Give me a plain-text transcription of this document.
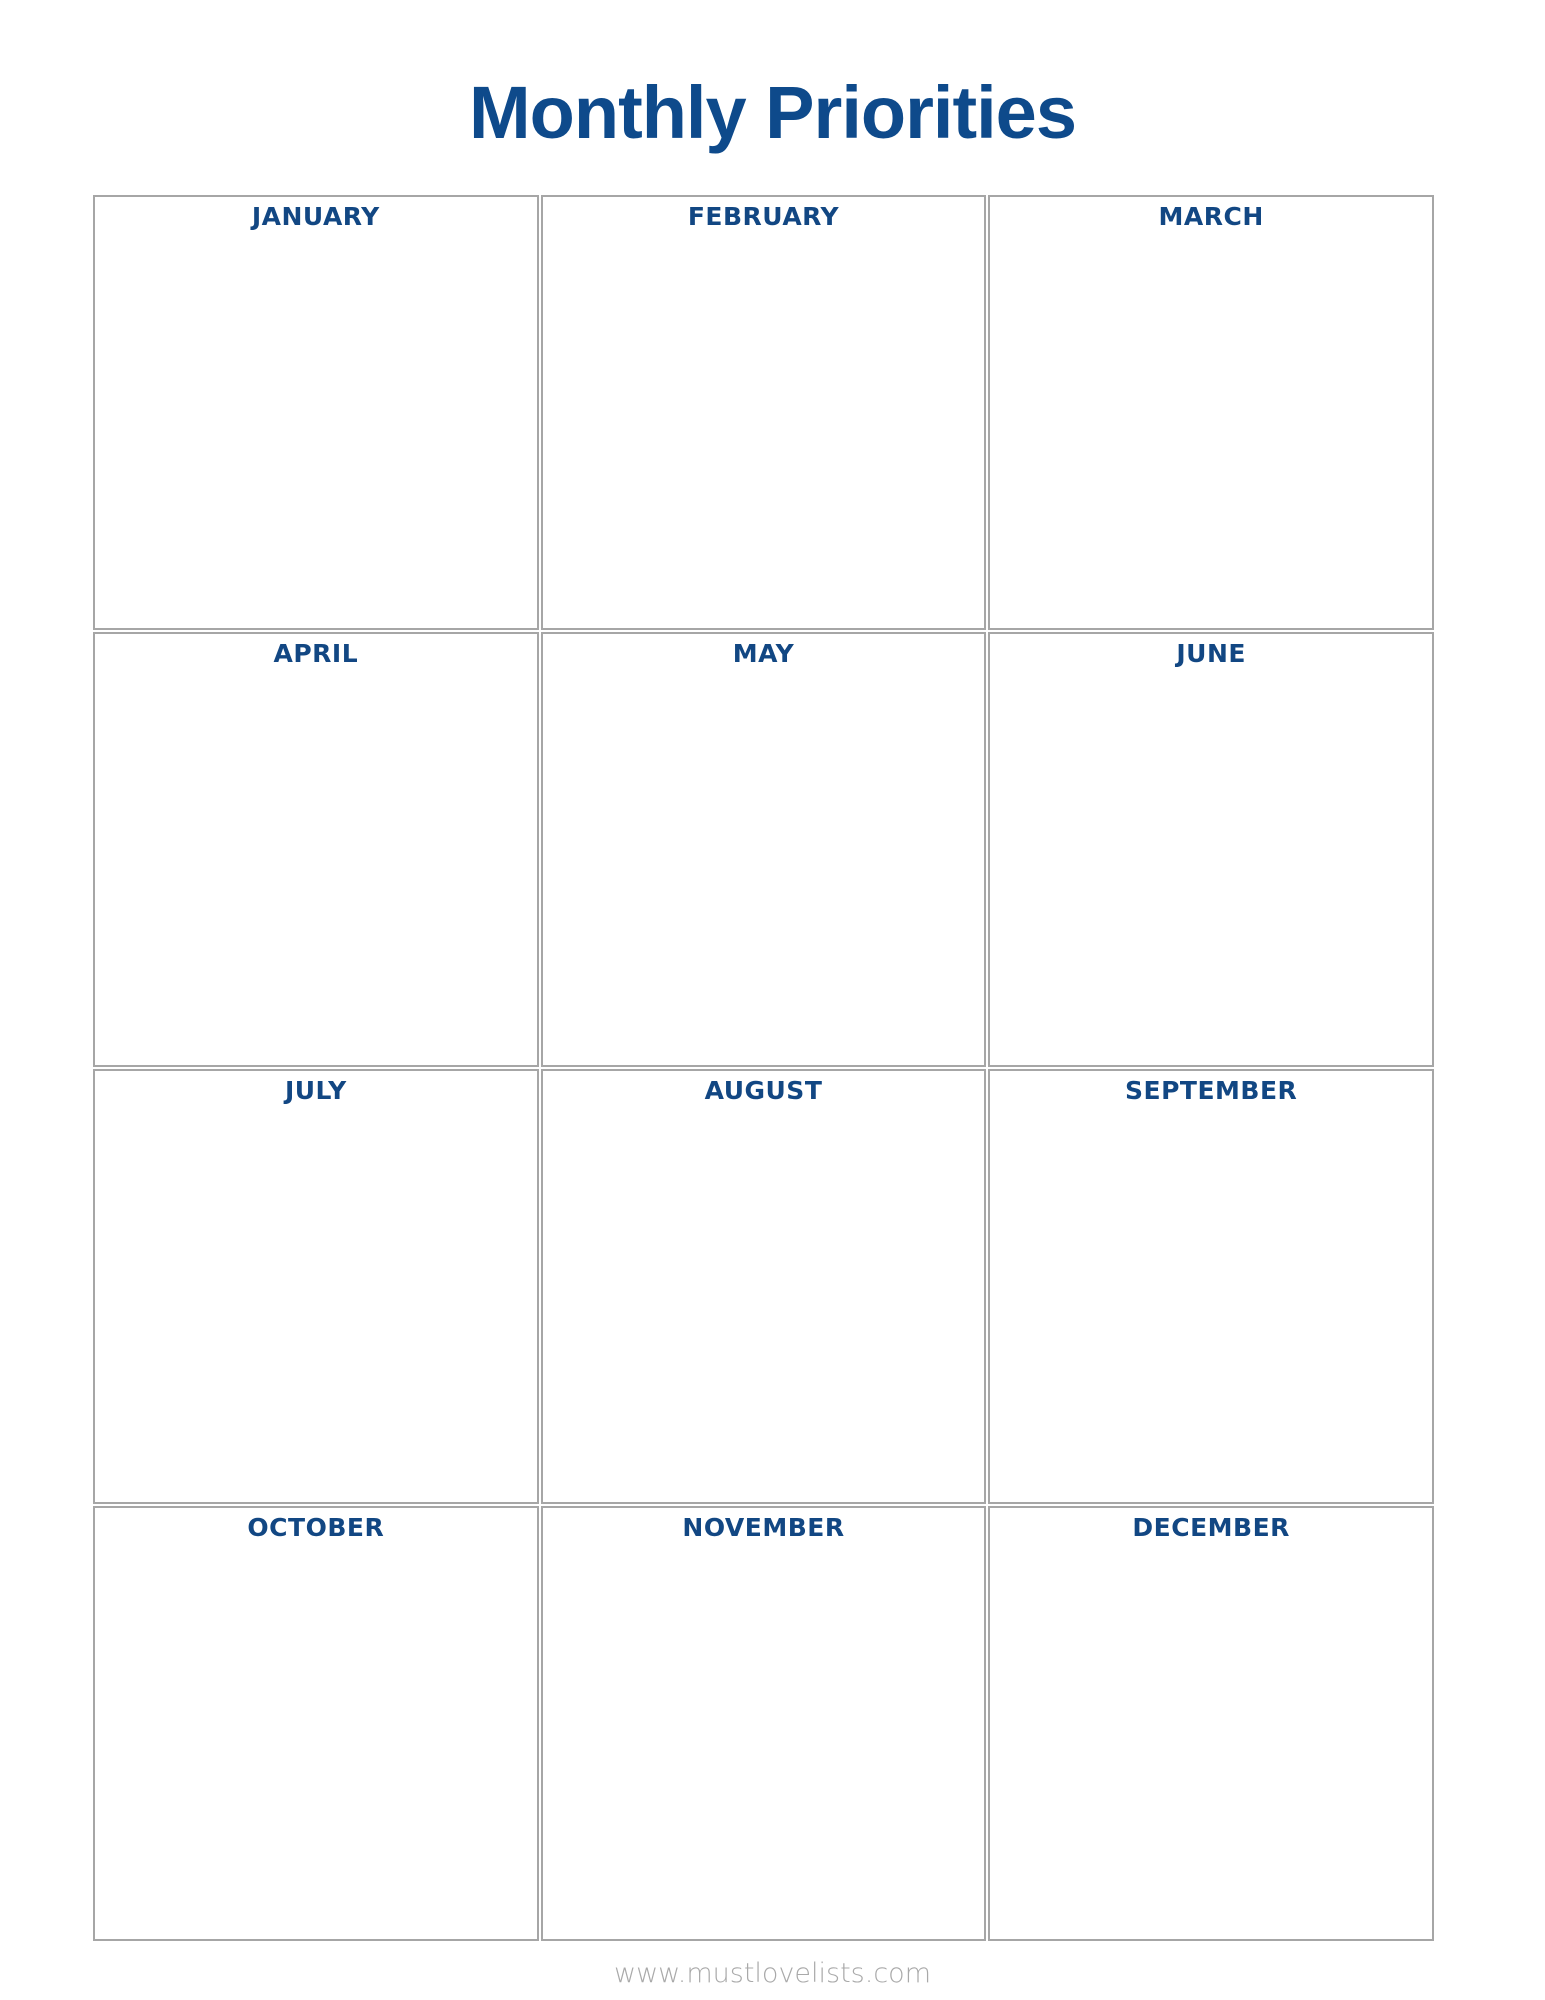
Monthly Priorities
JANUARY	FEBRUARY	MARCH
APRIL	MAY	JUNE
JULY	AUGUST	SEPTEMBER
OCTOBER	NOVEMBER	DECEMBER
www.mustlovelists.com
